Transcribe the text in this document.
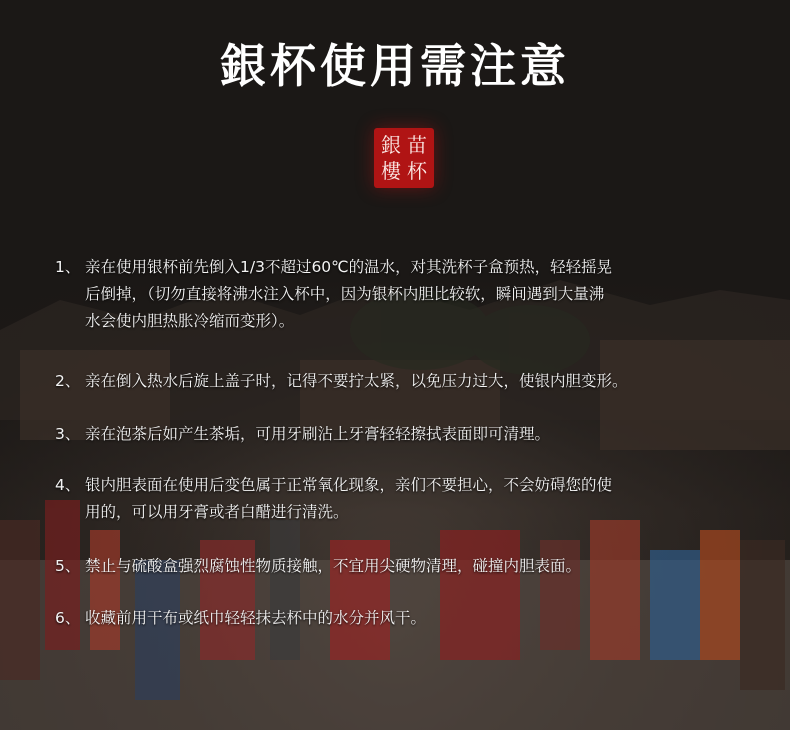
銀杯使用需注意
苗
杯
銀
樓
1、 亲在使用银杯前先倒入1/3不超过60℃的温水，对其洗杯子盒预热，轻轻摇晃
后倒掉，（切勿直接将沸水注入杯中，因为银杯内胆比较软，瞬间遇到大量沸
水会使内胆热胀冷缩而变形）。
2、 亲在倒入热水后旋上盖子时，记得不要拧太紧，以免压力过大，使银内胆变形。
3、 亲在泡茶后如产生茶垢，可用牙刷沾上牙膏轻轻擦拭表面即可清理。
4、 银内胆表面在使用后变色属于正常氧化现象，亲们不要担心，不会妨碍您的使
用的，可以用牙膏或者白醋进行清洗。
5、 禁止与硫酸盒强烈腐蚀性物质接触，不宜用尖硬物清理，碰撞内胆表面。
6、 收藏前用干布或纸巾轻轻抹去杯中的水分并风干。
